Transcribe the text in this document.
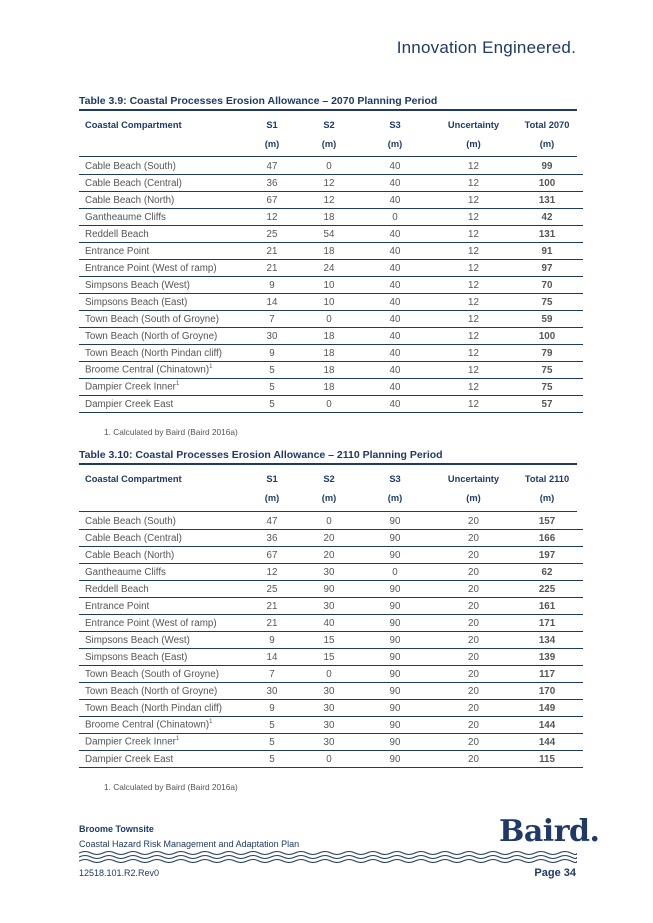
Innovation Engineered.
Table 3.9: Coastal Processes Erosion Allowance – 2070 Planning Period
Coastal Compartment	S1	S2	S3	Uncertainty	Total 2070
	(m)	(m)	(m)	(m)	(m)
Cable Beach (South)	47	0	40	12	99
Cable Beach (Central)	36	12	40	12	100
Cable Beach (North)	67	12	40	12	131
Gantheaume Cliffs	12	18	0	12	42
Reddell Beach	25	54	40	12	131
Entrance Point	21	18	40	12	91
Entrance Point (West of ramp)	21	24	40	12	97
Simpsons Beach (West)	9	10	40	12	70
Simpsons Beach (East)	14	10	40	12	75
Town Beach (South of Groyne)	7	0	40	12	59
Town Beach (North of Groyne)	30	18	40	12	100
Town Beach (North Pindan cliff)	9	18	40	12	79
Broome Central (Chinatown)$^1$	5	18	40	12	75
Dampier Creek Inner$^1$	5	18	40	12	75
Dampier Creek East	5	0	40	12	57
1. Calculated by Baird (Baird 2016a)
Table 3.10: Coastal Processes Erosion Allowance – 2110 Planning Period
Coastal Compartment	S1	S2	S3	Uncertainty	Total 2110
	(m)	(m)	(m)	(m)	(m)
Cable Beach (South)	47	0	90	20	157
Cable Beach (Central)	36	20	90	20	166
Cable Beach (North)	67	20	90	20	197
Gantheaume Cliffs	12	30	0	20	62
Reddell Beach	25	90	90	20	225
Entrance Point	21	30	90	20	161
Entrance Point (West of ramp)	21	40	90	20	171
Simpsons Beach (West)	9	15	90	20	134
Simpsons Beach (East)	14	15	90	20	139
Town Beach (South of Groyne)	7	0	90	20	117
Town Beach (North of Groyne)	30	30	90	20	170
Town Beach (North Pindan cliff)	9	30	90	20	149
Broome Central (Chinatown)$^1$	5	30	90	20	144
Dampier Creek Inner$^1$	5	30	90	20	144
Dampier Creek East	5	0	90	20	115
1. Calculated by Baird (Baird 2016a)
Broome Townsite
Coastal Hazard Risk Management and Adaptation Plan	Baird.
12518.101.R2.Rev0	Page 34
